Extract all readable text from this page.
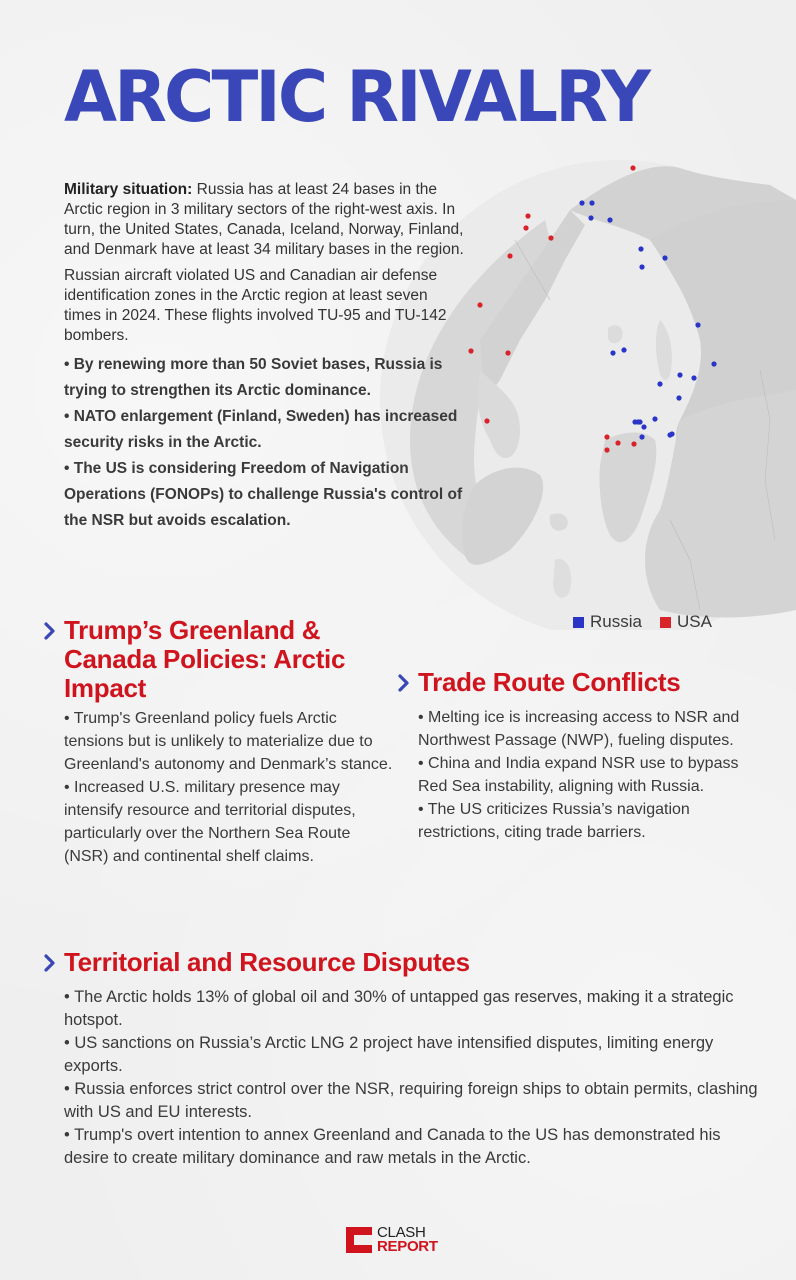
ARCTIC RIVALRY

Military situation: Russia has at least 24 bases in the Arctic region in 3 military sectors of the right-west axis. In turn, the United States, Canada, Iceland, Norway, Finland, and Denmark have at least 34 military bases in the region.

Russian aircraft violated US and Canadian air defense identification zones in the Arctic region at least seven times in 2024. These flights involved TU-95 and TU-142 bombers.

• By renewing more than 50 Soviet bases, Russia is trying to strengthen its Arctic dominance.

• NATO enlargement (Finland, Sweden) has increased security risks in the Arctic.

• The US is considering Freedom of Navigation Operations (FONOPs) to challenge Russia's control of the NSR but avoids escalation.

Russia USA
Trump’s Greenland & Canada Policies: Arctic Impact

• Trump's Greenland policy fuels Arctic tensions but is unlikely to materialize due to Greenland's autonomy and Denmark’s stance.

• Increased U.S. military presence may intensify resource and territorial disputes, particularly over the Northern Sea Route (NSR) and continental shelf claims.

Trade Route Conflicts

• Melting ice is increasing access to NSR and Northwest Passage (NWP), fueling disputes.

• China and India expand NSR use to bypass Red Sea instability, aligning with Russia.

• The US criticizes Russia’s navigation restrictions, citing trade barriers.

Territorial and Resource Disputes

• The Arctic holds 13% of global oil and 30% of untapped gas reserves, making it a strategic hotspot.

• US sanctions on Russia’s Arctic LNG 2 project have intensified disputes, limiting energy exports.

• Russia enforces strict control over the NSR, requiring foreign ships to obtain permits, clashing with US and EU interests.

• Trump's overt intention to annex Greenland and Canada to the US has demonstrated his desire to create military dominance and raw metals in the Arctic.

CLASH
REPORT
